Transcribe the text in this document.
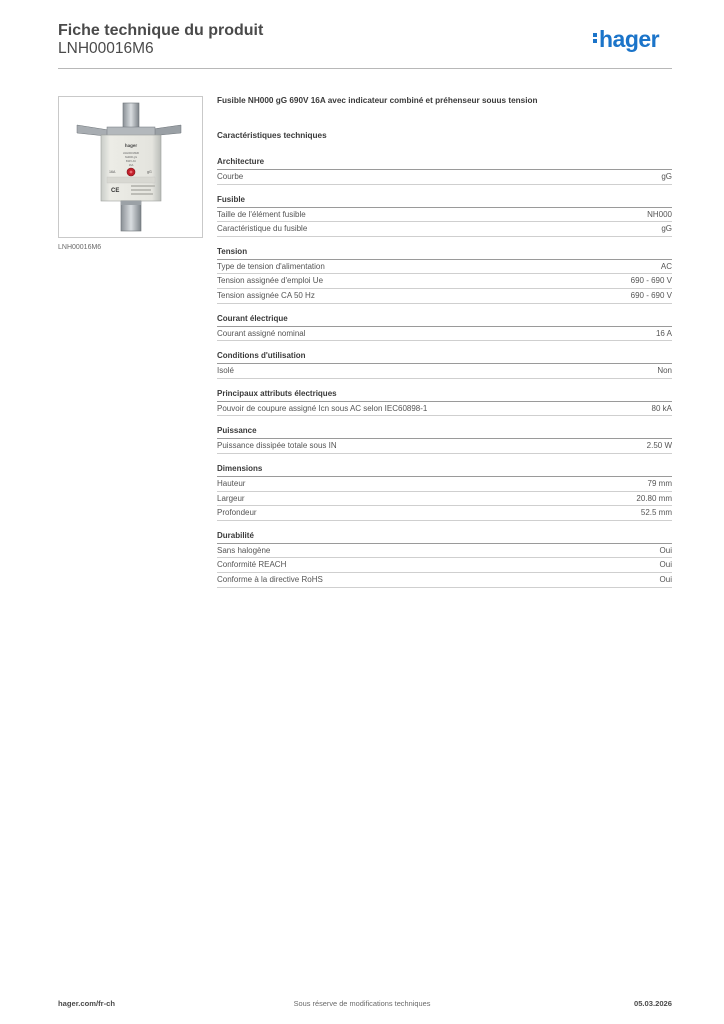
Fiche technique du produit
LNH00016M6	hager
hager
LNH00016M6
NH000 gG
690V AC
16A
16A	gG
CE
LNH00016M6
Fusible NH000 gG 690V 16A avec indicateur combiné et préhenseur souus tension
Caractéristiques techniques
Architecture
Courbe	gG
Fusible
Taille de l'élément fusible	NH000
Caractéristique du fusible	gG
Tension
Type de tension d'alimentation	AC
Tension assignée d'emploi Ue	690 - 690 V
Tension assignée CA 50 Hz	690 - 690 V
Courant électrique
Courant assigné nominal	16 A
Conditions d'utilisation
Isolé	Non
Principaux attributs électriques
Pouvoir de coupure assigné Icn sous AC selon IEC60898-1	80 kA
Puissance
Puissance dissipée totale sous IN	2.50 W
Dimensions
Hauteur	79 mm
Largeur	20.80 mm
Profondeur	52.5 mm
Durabilité
Sans halogène	Oui
Conformité REACH	Oui
Conforme à la directive RoHS	Oui
Sous réserve de modifications techniques
hager.com/fr-ch	05.03.2026
